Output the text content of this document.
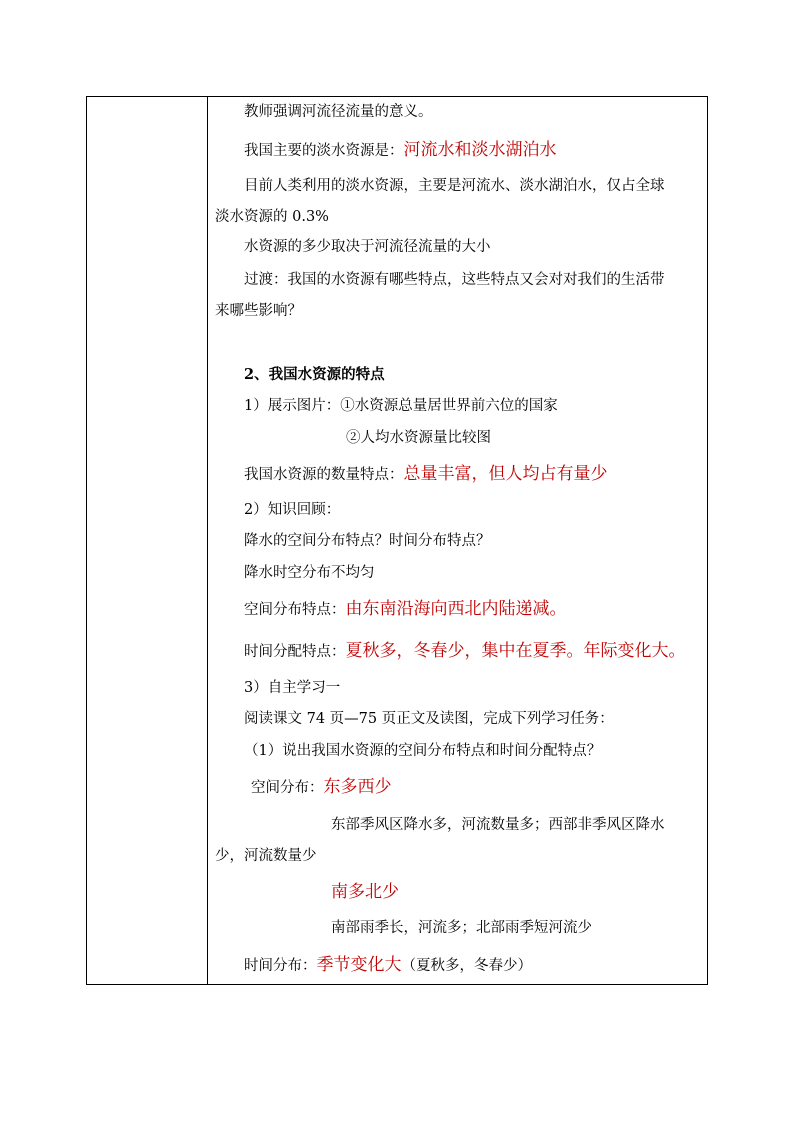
教师强调河流径流量的意义。
我国主要的淡水资源是：河流水和淡水湖泊水
目前人类利用的淡水资源，主要是河流水、淡水湖泊水，仅占全球
淡水资源的 0.3%
水资源的多少取决于河流径流量的大小
过渡：我国的水资源有哪些特点，这些特点又会对对我们的生活带
来哪些影响？
2、我国水资源的特点
1）展示图片：①水资源总量居世界前六位的国家
②人均水资源量比较图
我国水资源的数量特点：总量丰富，但人均占有量少
2）知识回顾：
降水的空间分布特点？时间分布特点？
降水时空分布不均匀
空间分布特点：由东南沿海向西北内陆递减。
时间分配特点：夏秋多，冬春少，集中在夏季。年际变化大。
3）自主学习一
阅读课文 74 页—75 页正文及读图，完成下列学习任务：
（1）说出我国水资源的空间分布特点和时间分配特点？
空间分布：东多西少
东部季风区降水多，河流数量多；西部非季风区降水
少，河流数量少
南多北少
南部雨季长，河流多；北部雨季短河流少
时间分布：季节变化大（夏秋多，冬春少）
